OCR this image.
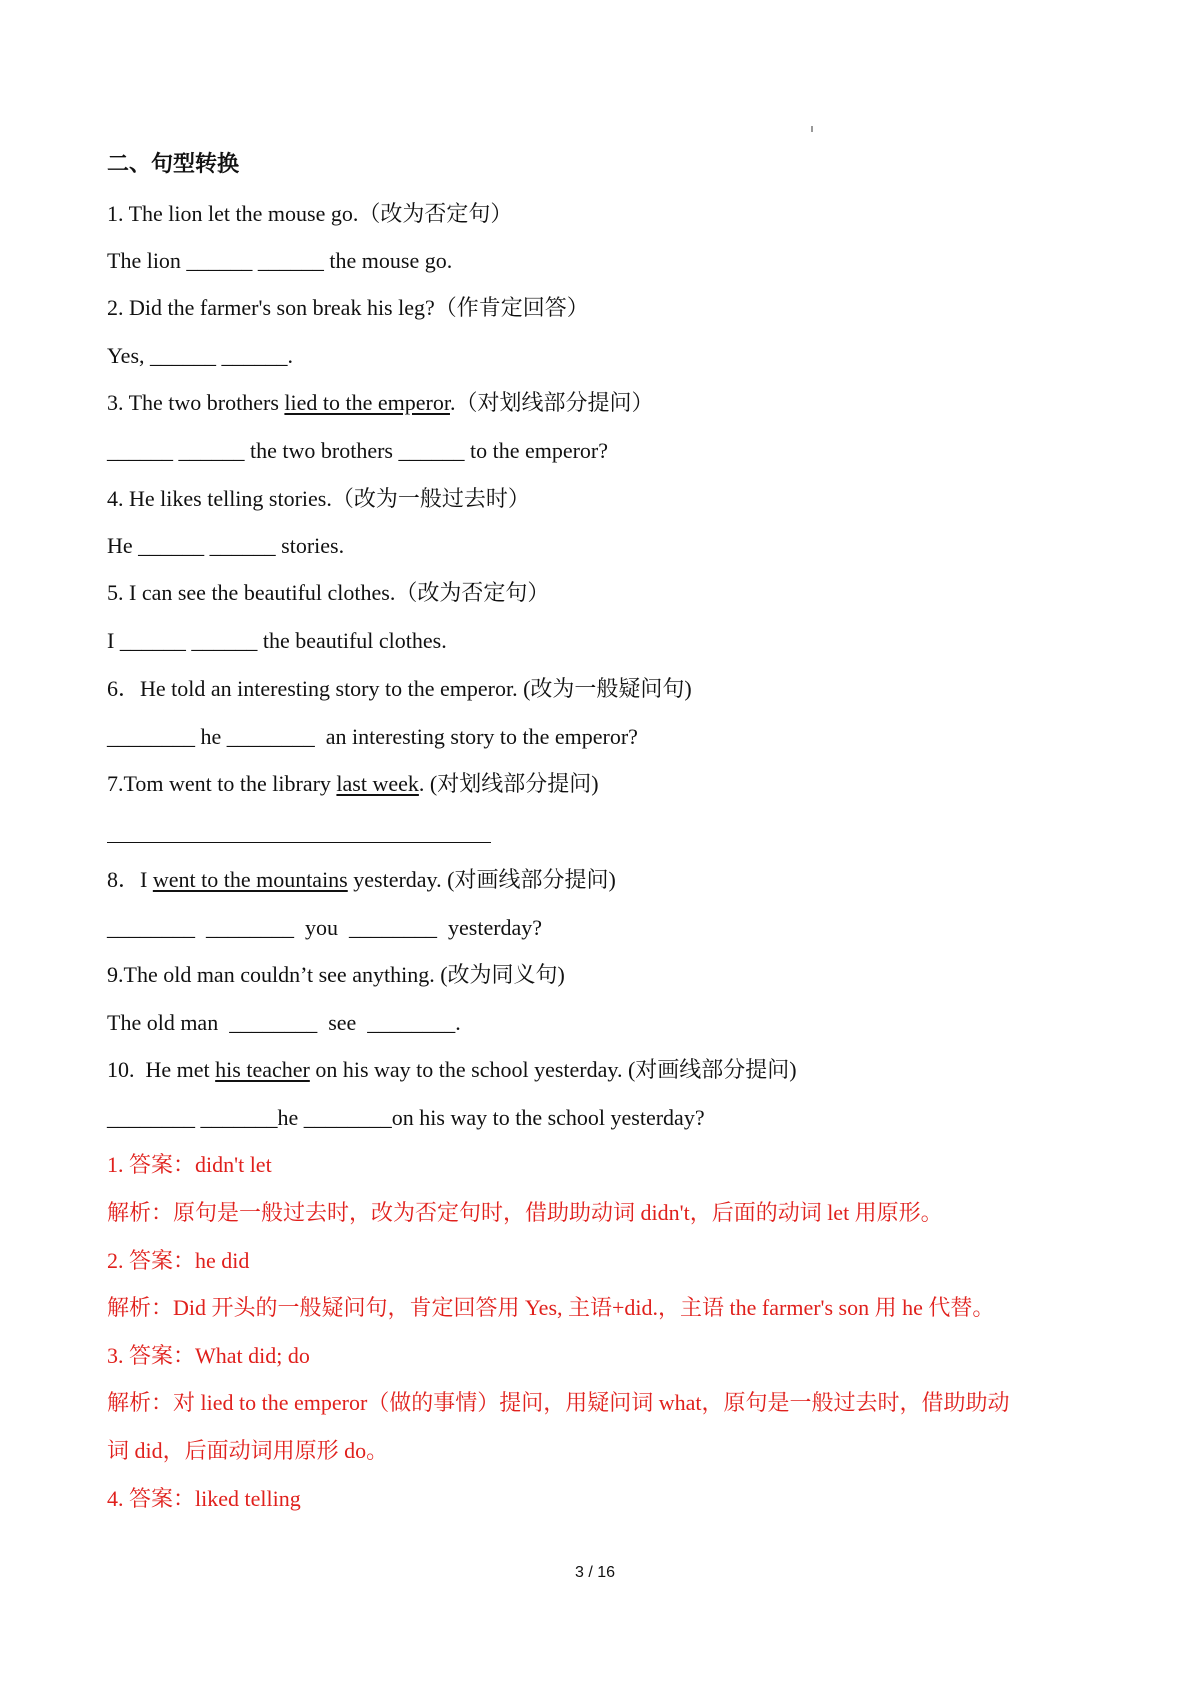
二、句型转换
1. The lion let the mouse go.（改为否定句）
The lion ______ ______ the mouse go.
2. Did the farmer's son break his leg?（作肯定回答）
Yes, ______ ______.
3. The two brothers lied to the emperor.（对划线部分提问）
______ ______ the two brothers ______ to the emperor?
4. He likes telling stories.（改为一般过去时）
He ______ ______ stories.
5. I can see the beautiful clothes.（改为否定句）
I ______ ______ the beautiful clothes.
6．He told an interesting story to the emperor. (改为一般疑问句)
________ he ________  an interesting story to the emperor?
7.Tom went to the library last week. (对划线部分提问)
8．I went to the mountains yesterday. (对画线部分提问)
________  ________  you  ________  yesterday?
9.The old man couldn’t see anything. (改为同义句)
The old man  ________  see  ________.
10.  He met his teacher on his way to the school yesterday. (对画线部分提问)
________ _______he ________on his way to the school yesterday?
1. 答案：didn't let
解析：原句是一般过去时，改为否定句时，借助助动词 didn't，后面的动词 let 用原形。
2. 答案：he did
解析：Did 开头的一般疑问句，肯定回答用 Yes, 主语+did.，主语 the farmer's son 用 he 代替。
3. 答案：What did; do
解析：对 lied to the emperor（做的事情）提问，用疑问词 what，原句是一般过去时，借助助动
词 did，后面动词用原形 do。
4. 答案：liked telling
3 / 16
